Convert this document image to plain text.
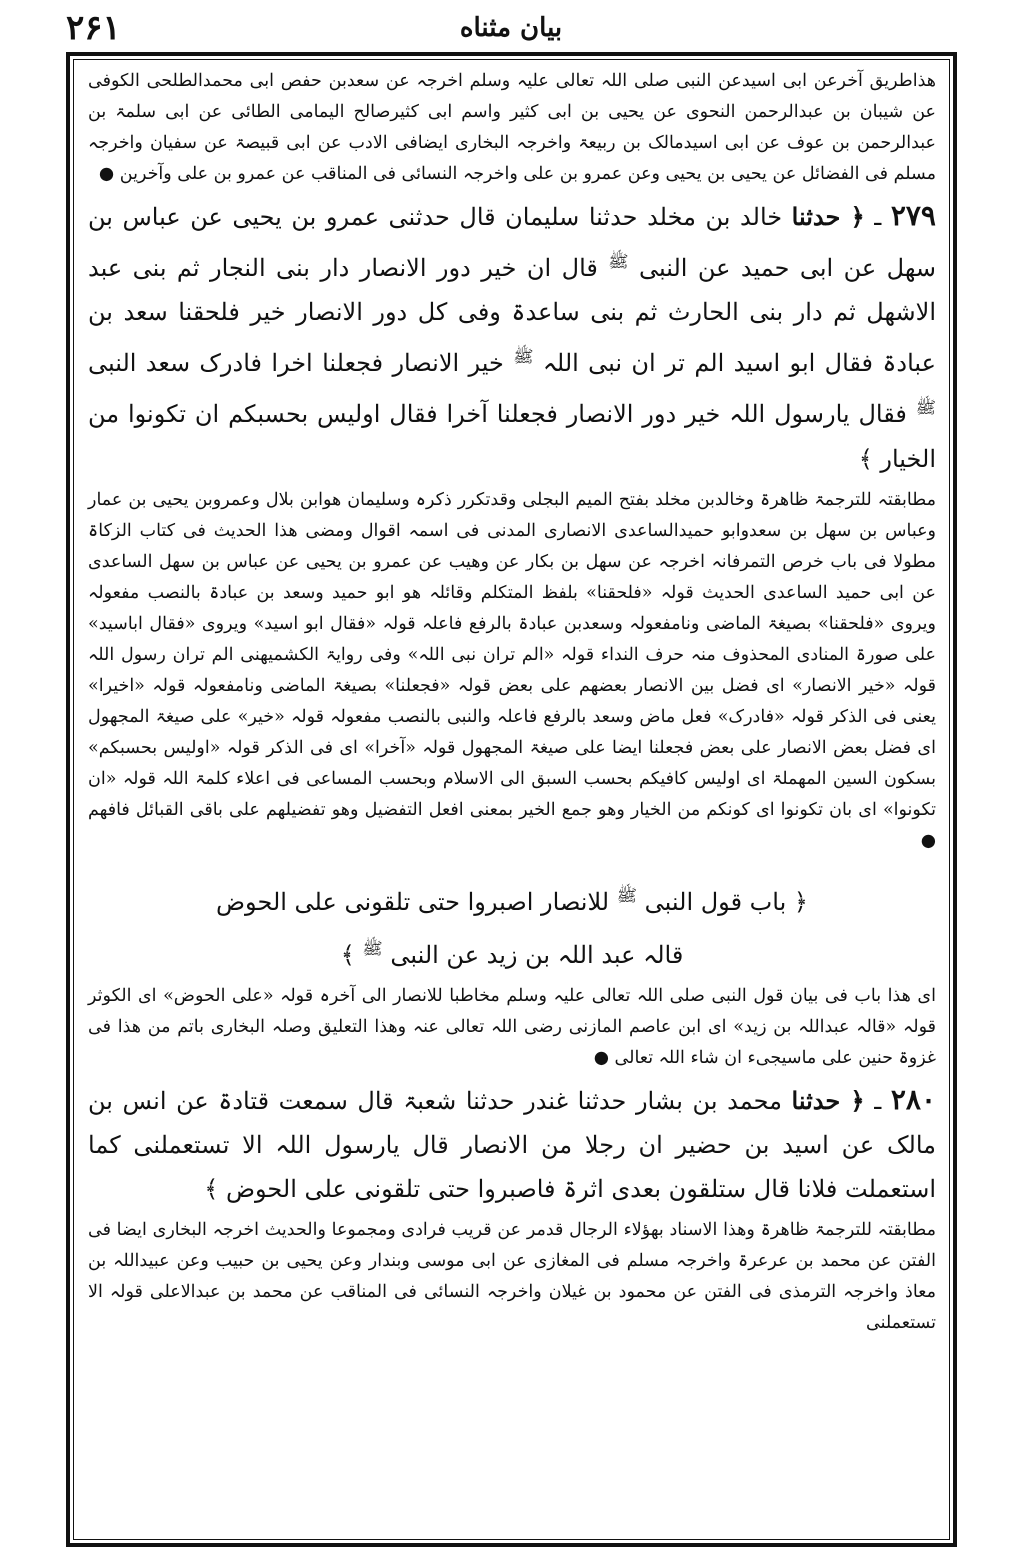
۲۶۱	بیان مثناه

هذاطریق آخرعن ابی اسیدعن النبی صلی اللہ تعالی علیہ وسلم اخرجہ عن سعدبن حفص ابی محمدالطلحی الکوفی عن شیبان بن عبدالرحمن النحوی عن یحیی بن ابی کثیر واسم ابی کثیرصالح الیمامی الطائی عن ابی سلمۃ بن عبدالرحمن بن عوف عن ابی اسیدمالک بن ربیعۃ واخرجہ البخاری ایضافی الادب عن ابی قبیصۃ عن سفیان واخرجہ مسلم فی الفضائل عن یحیی بن یحیی وعن عمرو بن علی واخرجہ النسائی فی المناقب عن عمرو بن علی وآخرین ●

۲۷۹ ـ ﴿ حدثنا خالد بن مخلد حدثنا سلیمان قال حدثنی عمرو بن یحیی عن عباس بن سھل عن ابی حمید عن النبی $^ﷺ$ قال ان خیر دور الانصار دار بنی النجار ثم بنی عبد الاشھل ثم دار بنی الحارث ثم بنی ساعدۃ وفی کل دور الانصار خیر فلحقنا سعد بن عبادۃ فقال ابو اسید الم تر ان نبی اللہ $^ﷺ$ خیر الانصار فجعلنا اخرا فادرک سعد النبی $^ﷺ$ فقال یارسول اللہ خیر دور الانصار فجعلنا آخرا فقال اولیس بحسبکم ان تکونوا من الخیار ﴾

مطابقتہ للترجمۃ ظاھرۃ وخالدبن مخلد بفتح المیم البجلی وقدتکرر ذکرہ وسلیمان ھوابن بلال وعمروبن یحیی بن عمار وعباس بن سھل بن سعدوابو حمیدالساعدی الانصاری المدنی فی اسمہ اقوال ومضی ھذا الحدیث فی کتاب الزکاۃ مطولا فی باب خرص التمرفانہ اخرجہ عن سھل بن بکار عن وھیب عن عمرو بن یحیی عن عباس بن سھل الساعدی عن ابی حمید الساعدی الحدیث قولہ «فلحقنا» بلفظ المتکلم وقائلہ ھو ابو حمید وسعد بن عبادۃ بالنصب مفعولہ ویروی «فلحقنا» بصیغۃ الماضی ونامفعولہ وسعدبن عبادۃ بالرفع فاعلہ قولہ «فقال ابو اسید» ویروی «فقال اباسید» علی صورۃ المنادی المحذوف منہ حرف النداء قولہ «الم تران نبی اللہ» وفی روایۃ الکشمیھنی الم تران رسول اللہ قولہ «خیر الانصار» ای فضل بین الانصار بعضھم علی بعض قولہ «فجعلنا» بصیغۃ الماضی ونامفعولہ قولہ «اخیرا» یعنی فی الذکر قولہ «فادرک» فعل ماض وسعد بالرفع فاعلہ والنبی بالنصب مفعولہ قولہ «خیر» علی صیغۃ المجھول ای فضل بعض الانصار علی بعض فجعلنا ایضا علی صیغۃ المجھول قولہ «آخرا» ای فی الذکر قولہ «اولیس بحسبکم» بسکون السین المھملۃ ای اولیس کافیکم بحسب السبق الی الاسلام وبحسب المساعی فی اعلاء کلمۃ اللہ قولہ «ان تکونوا» ای بان تکونوا ای کونکم من الخیار وھو جمع الخیر بمعنی افعل التفضیل وھو تفضیلھم علی باقی القبائل فافھم ●

﴿ باب قول النبی $^ﷺ$ للانصار اصبروا حتی تلقونی علی الحوض
قالہ عبد اللہ بن زید عن النبی $^ﷺ$ ﴾

ای ھذا باب فی بیان قول النبی صلی اللہ تعالی علیہ وسلم مخاطبا للانصار الی آخرہ قولہ «علی الحوض» ای الکوثر قولہ «قالہ عبداللہ بن زید» ای ابن عاصم المازنی رضی اللہ تعالی عنہ وھذا التعلیق وصلہ البخاری باتم من ھذا فی غزوۃ حنین علی ماسیجیء ان شاء اللہ تعالی ●

۲۸۰ ـ ﴿ حدثنا محمد بن بشار حدثنا غندر حدثنا شعبۃ قال سمعت قتادۃ عن انس بن مالک عن اسید بن حضیر ان رجلا من الانصار قال یارسول اللہ الا تستعملنی کما استعملت فلانا قال ستلقون بعدی اثرۃ فاصبروا حتی تلقونی علی الحوض ﴾

مطابقتہ للترجمۃ ظاھرۃ وھذا الاسناد بھؤلاء الرجال قدمر عن قریب فرادی ومجموعا والحدیث اخرجہ البخاری ایضا فی الفتن عن محمد بن عرعرۃ واخرجہ مسلم فی المغازی عن ابی موسی وبندار وعن یحیی بن حبیب وعن عبیداللہ بن معاذ واخرجہ الترمذی فی الفتن عن محمود بن غیلان واخرجہ النسائی فی المناقب عن محمد بن عبدالاعلی قولہ الا تستعملنی
